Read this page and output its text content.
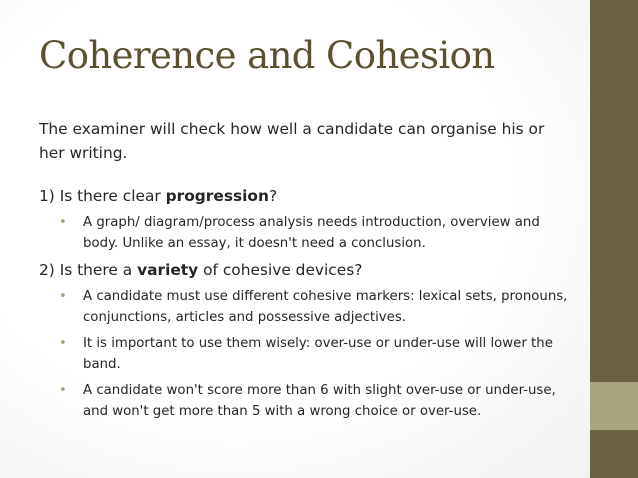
Coherence and Cohesion

The examiner will check how well a candidate can organise his or her writing.

1) Is there clear progression?

• A graph/ diagram/process analysis needs introduction, overview and body. Unlike an essay, it doesn't need a conclusion.

2) Is there a variety of cohesive devices?

• A candidate must use different cohesive markers: lexical sets, pronouns, conjunctions, articles and possessive adjectives.
• It is important to use them wisely: over-use or under-use will lower the band.
• A candidate won't score more than 6 with slight over-use or under-use, and won't get more than 5 with a wrong choice or over-use.
